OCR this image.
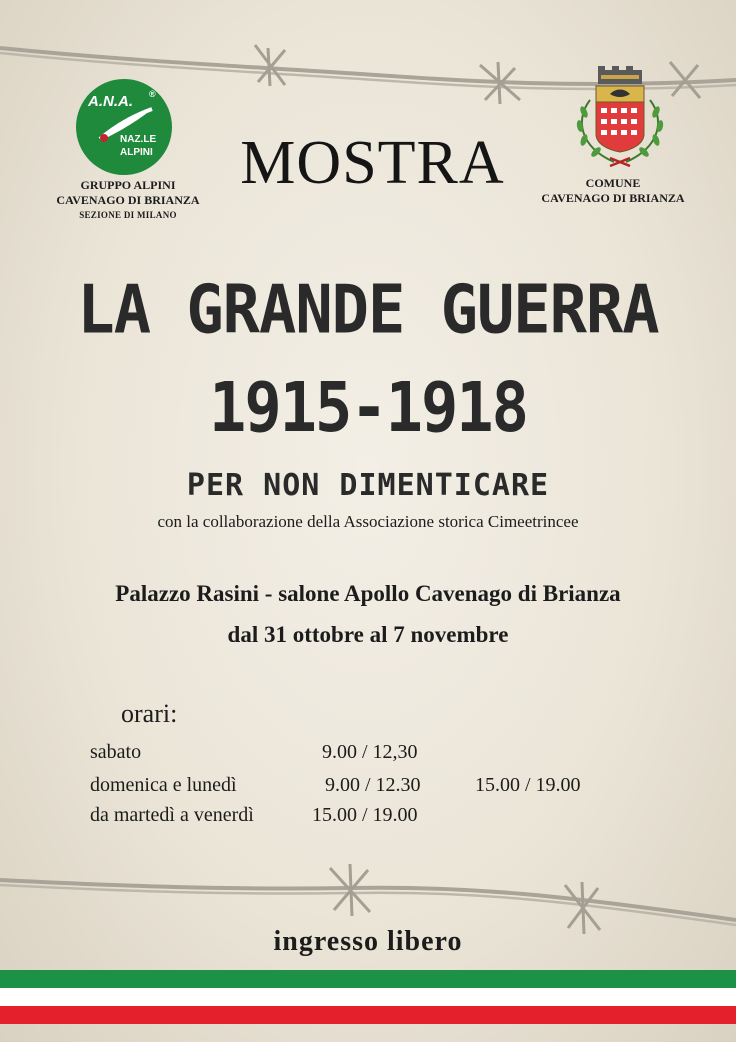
A.N.A. ®
NAZ.LE ALPINI
GRUPPO ALPINI
CAVENAGO DI BRIANZA
SEZIONE DI MILANO
MOSTRA	COMUNE
CAVENAGO DI BRIANZA
LA GRANDE GUERRA
1915-1918
PER NON DIMENTICARE
con la collaborazione della Associazione storica Cimeetrincee
Palazzo Rasini - salone Apollo Cavenago di Brianza
dal 31 ottobre al 7 novembre
orari:
sabato	9.00 / 12,30
domenica e lunedì	9.00 / 12.30	15.00 / 19.00
da martedì a venerdì	15.00 / 19.00
ingresso libero
